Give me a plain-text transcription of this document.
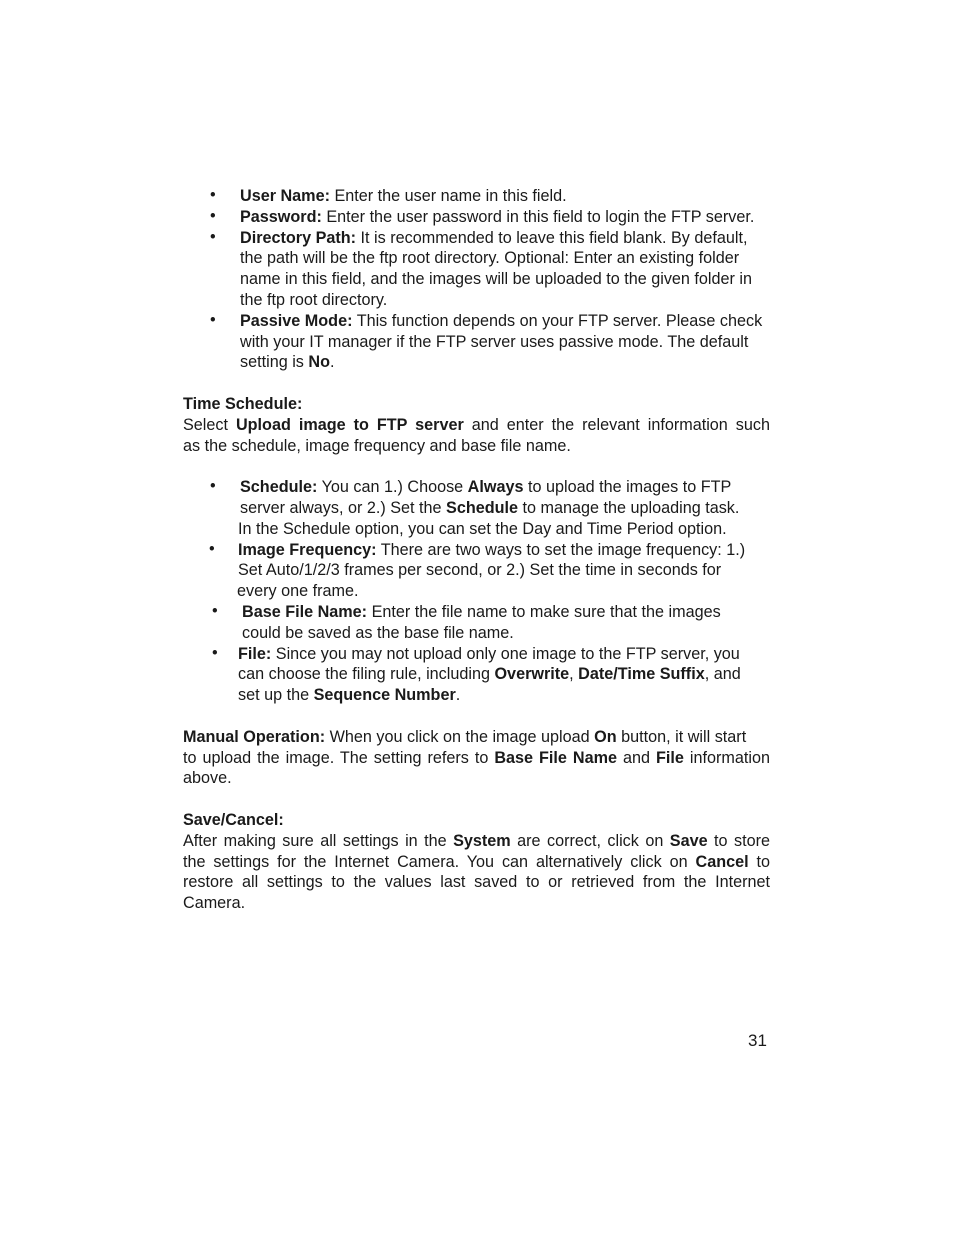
•	User Name: Enter the user name in this field.
•	Password: Enter the user password in this field to login the FTP server.
•	Directory Path: It is recommended to leave this field blank. By default,
the path will be the ftp root directory. Optional: Enter an existing folder
name in this field, and the images will be uploaded to the given folder in
the ftp root directory.
•	Passive Mode: This function depends on your FTP server. Please check
with your IT manager if the FTP server uses passive mode. The default
setting is No.
Time Schedule:
Select Upload image to FTP server and enter the relevant information such
as the schedule, image frequency and base file name.
•	Schedule: You can 1.) Choose Always to upload the images to FTP
server always, or 2.) Set the Schedule to manage the uploading task.
In the Schedule option, you can set the Day and Time Period option.
•	Image Frequency: There are two ways to set the image frequency: 1.)
Set Auto/1/2/3 frames per second, or 2.) Set the time in seconds for
every one frame.
•	Base File Name: Enter the file name to make sure that the images
could be saved as the base file name.
•	File: Since you may not upload only one image to the FTP server, you
can choose the filing rule, including Overwrite, Date/Time Suffix, and
set up the Sequence Number.
Manual Operation: When you click on the image upload On button, it will start
to upload the image. The setting refers to Base File Name and File information
above.
Save/Cancel:
After making sure all settings in the System are correct, click on Save to store
the settings for the Internet Camera. You can alternatively click on Cancel to
restore all settings to the values last saved to or retrieved from the Internet
Camera.
31
